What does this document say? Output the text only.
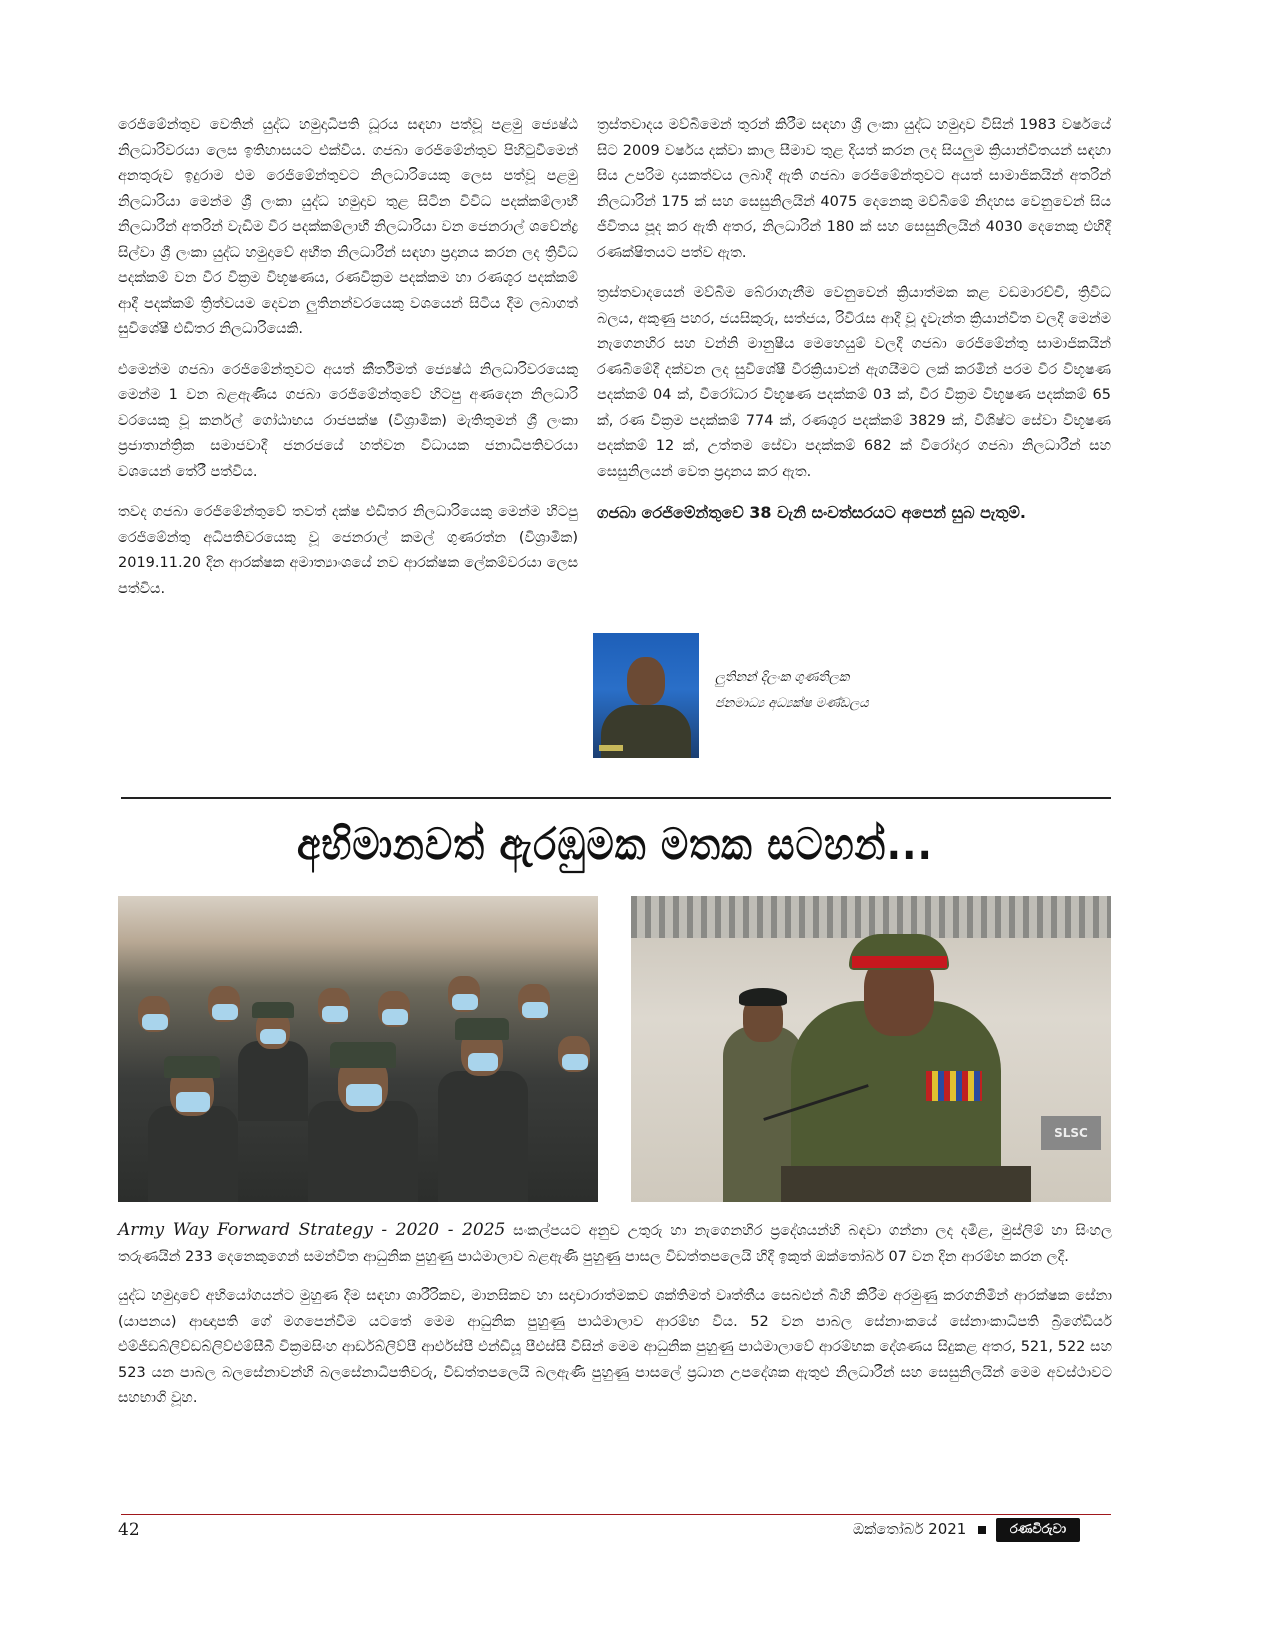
රෙජිමේන්තුව වෙතින් යුද්ධ හමුදාධිපති ධූරය සඳහා පත්වූ පළමු ජ්‍යෙෂ්ඨ නිලධාරිවරයා ලෙස ඉතිහාසයට එක්විය. ගජබා රෙජිමේන්තුව පිහිටුවීමෙන් අනතුරුව ඉදුරාම එම රෙජිමේන්තුවට නිලධාරියෙකු ලෙස පත්වූ පළමු නිලධාරියා මෙන්ම ශ්‍රී ලංකා යුද්ධ හමුදාව තුළ සිටින විවිධ පදක්කම්ලාභී නිලධාරීන් අතරින් වැඩිම වීර පදක්කම්ලාභී නිලධාරියා වන ජෙනරාල් ශවේන්ද්‍ර සිල්වා ශ්‍රී ලංකා යුද්ධ හමුදාවේ අභීත නිලධාරීන් සඳහා ප්‍රදානය කරන ලද ත්‍රිවිධ පදක්කම් වන වීර වික්‍රම විභූෂණය, රණවික්‍රම පදක්කම හා රණශූර පදක්කම් ආදී පදක්කම් ත්‍රිත්වයම දෙවන ලුතිනන්වරයෙකු වශයෙන් සිටිය දීම ලබාගත් සුවිශේෂී එඩිතර නිලධාරියෙකි.

එමෙන්ම ගජබා රෙජිමේන්තුවට අයත් කීර්තිමත් ජ්‍යෙෂ්ඨ නිලධාරිවරයෙකු මෙන්ම 1 වන බළඇණිය ගජබා රෙජිමේන්තුවේ හිටපු අණදෙන නිලධාරි වරයෙකු වූ කර්නල් ගෝඨාභය රාජපක්ෂ (විශ්‍රාමික) මැතිතුමන් ශ්‍රී ලංකා ප්‍රජාතාන්ත්‍රික සමාජවාදී ජනරජයේ හත්වන විධායක ජනාධිපතිවරයා වශයෙන් තේරී පත්විය.

තවද ගජබා රෙජිමේන්තුවේ තවත් දක්ෂ එඩිතර නිලධාරියෙකු මෙන්ම හිටපු රෙජිමේන්තු අධිපතිවරයෙකු වූ ජෙනරාල් කමල් ගුණරත්න (විශ්‍රාමික) 2019.11.20 දින ආරක්ෂක අමාත්‍යාංශයේ නව ආරක්ෂක ලේකම්වරයා ලෙස පත්විය.

ත්‍රස්තවාදය මව්බිමෙන් තුරන් කිරීම සඳහා ශ්‍රී ලංකා යුද්ධ හමුදාව විසින් 1983 වර්ෂයේ සිට 2009 වර්ෂය දක්වා කාල සීමාව තුළ දියත් කරන ලද සියලුම ක්‍රියාන්විතයන් සඳහා සිය උපරිම දායකත්වය ලබාදී ඇති ගජබා රෙජිමේන්තුවට අයත් සාමාජිකයින් අතරින් නිලධාරින් 175 ක් සහ සෙසුනිලයින් 4075 දෙනෙකු මව්බිමේ නිදහස වෙනුවෙන් සිය ජීවිතය පූද කර ඇති අතර, නිලධාරින් 180 ක් සහ සෙසුනිලයින් 4030 දෙනෙකු එහිදී රණක්ෂිතයට පත්ව ඇත.

ත්‍රස්තවාදයෙන් මව්බිම බේරාගැනීම වෙනුවෙන් ක්‍රියාත්මක කළ වඩමාරච්චි, ත්‍රිවිධ බලය, අකුණු පහර, ජයසිකුරු, සත්ජය, රිවිරැස ආදී වූ දැවැන්ත ක්‍රියාන්විත වලදී මෙන්ම නැගෙනහිර සහ වන්නි මානුෂීය මෙහෙයුම් වලදී ගජබා රෙජිමේන්තු සාමාජිකයින් රණබිමේදී දක්වන ලද සුවිශේෂී වීරක්‍රියාවන් ඇගයීමට ලක් කරමින් පරම වීර විභූෂණ පදක්කම් 04 ක්, වීරෝධාර විභූෂණ පදක්කම් 03 ක්, වීර වික්‍රම විභූෂණ පදක්කම් 65 ක්, රණ වික්‍රම පදක්කම් 774 ක්, රණශූර පදක්කම් 3829 ක්, විශිෂ්ට සේවා විභූෂණ පදක්කම් 12 ක්, උත්තම සේවා පදක්කම් 682 ක් වීරෝදාර ගජබා නිලධාරීන් සහ සෙසුනිලයන් වෙත ප්‍රදානය කර ඇත.

ගජබා රෙජිමේන්තුවේ 38 වැනි සංවත්සරයට අපෙන් සුබ පැතුම්.

ලුතිනන් දිලංක ගුණතිලක
ජනමාධ්‍ය අධ්‍යක්ෂ මණ්ඩලය
අභිමානවත් ඇරඹුමක මතක සටහන්...
SLSC

Army Way Forward Strategy - 2020 - 2025 සංකල්පයට අනුව උතුරු හා නැගෙනහිර ප්‍රදේශයන්හි බඳවා ගන්නා ලද දමිළ, මුස්ලිම් හා සිංහල තරුණයින් 233 දෙනෙකුගෙන් සමන්විත ආධුනික පුහුණු පාඨමාලාව බළඇණි පුහුණු පාසල විඩත්තපලෙයි හිදී ඉකුත් ඔක්තෝබර් 07 වන දින ආරම්භ කරන ලදී.

යුද්ධ හමුදාවේ අභියෝගයන්ට මුහුණ දීම සඳහා ශාරීරිකව, මානසිකව හා සදාචාරාත්මකව ශක්තිමත් වෘත්තීය සෙබළුන් බිහි කිරීම අරමුණු කරගනිමින් ආරක්ෂක සේනා (යාපනය) ආඥාපති ගේ මගපෙන්වීම යටතේ මෙම ආධුනික පුහුණු පාඨමාලාව ආරම්භ විය. 52 වන පාබල සේනාංකයේ සේනාංකාධිපති බ්‍රිගේඩියර් එම්ජීඩබ්ලිව්ඩබ්ලිව්එම්සීබී වික්‍රමසිංහ ආර්ඩබ්ලිව්පී ආර්එස්පී එන්ඩියූ පීඑස්සී විසින් මෙම ආධුනික පුහුණු පාඨමාලාවේ ආරම්භක දේශණය සිදුකළ අතර, 521, 522 සහ 523 යන පාබල බලසේනාවන්හි බලසේනාධිපතිවරු, විඩත්තපලෙයි බලඇණි පුහුණු පාසලේ ප්‍රධාන උපදේශක ඇතුළු නිලධාරීන් සහ සෙසුනිලයින් මෙම අවස්ථාවට සහභාගි වූහ.

42	ඔක්තෝබර් 2021	රණවිරුවා
